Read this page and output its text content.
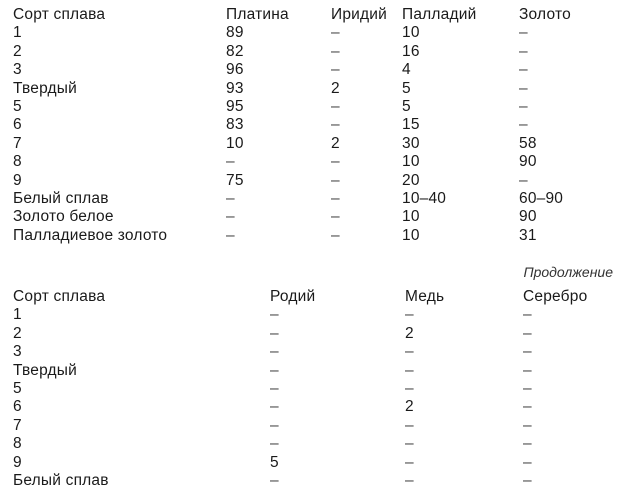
Сорт сплава	Платина	Иридий	Палладий	Золото
1	89	–	10	–
2	82	–	16	–
3	96	–	4	–
Твердый	93	2	5	–
5	95	–	5	–
6	83	–	15	–
7	10	2	30	58
8	–	–	10	90
9	75	–	20	–
Белый сплав	–	–	10–40	60–90
Золото белое	–	–	10	90
Палладиевое золото	–	–	10	31
Продолжение
Сорт сплава	Родий	Медь	Серебро
1	–	–	–
2	–	2	–
3	–	–	–
Твердый	–	–	–
5	–	–	–
6	–	2	–
7	–	–	–
8	–	–	–
9	5	–	–
Белый сплав	–	–	–
